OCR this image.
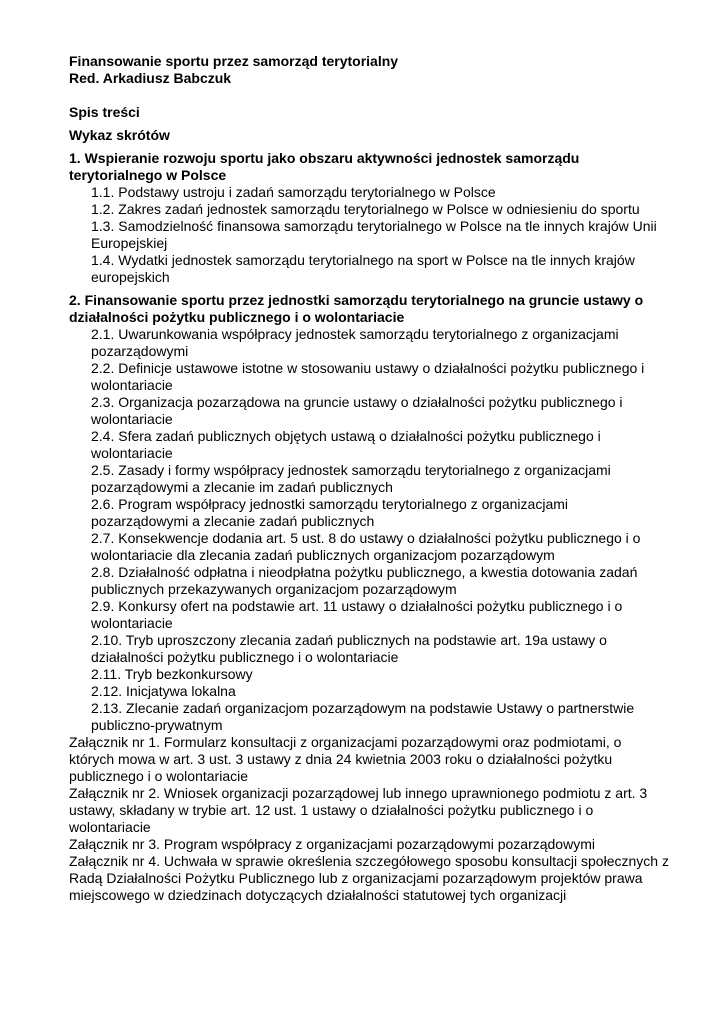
Finansowanie sportu przez samorząd terytorialny
Red. Arkadiusz Babczuk
Spis treści
Wykaz skrótów
1. Wspieranie rozwoju sportu jako obszaru aktywności jednostek samorządu terytorialnego w Polsce
1.1. Podstawy ustroju i zadań samorządu terytorialnego w Polsce
1.2. Zakres zadań jednostek samorządu terytorialnego w Polsce w odniesieniu do sportu
1.3. Samodzielność finansowa samorządu terytorialnego w Polsce na tle innych krajów Unii Europejskiej
1.4. Wydatki jednostek samorządu terytorialnego na sport w Polsce na tle innych krajów europejskich
2. Finansowanie sportu przez jednostki samorządu terytorialnego na gruncie ustawy o działalności pożytku publicznego i o wolontariacie
2.1. Uwarunkowania współpracy jednostek samorządu terytorialnego z organizacjami pozarządowymi
2.2. Definicje ustawowe istotne w stosowaniu ustawy o działalności pożytku publicznego i wolontariacie
2.3. Organizacja pozarządowa na gruncie ustawy o działalności pożytku publicznego i wolontariacie
2.4. Sfera zadań publicznych objętych ustawą o działalności pożytku publicznego i wolontariacie
2.5. Zasady i formy współpracy jednostek samorządu terytorialnego z organizacjami pozarządowymi a zlecanie im zadań publicznych
2.6. Program współpracy jednostki samorządu terytorialnego z organizacjami pozarządowymi a zlecanie zadań publicznych
2.7. Konsekwencje dodania art. 5 ust. 8 do ustawy o działalności pożytku publicznego i o wolontariacie dla zlecania zadań publicznych organizacjom pozarządowym
2.8. Działalność odpłatna i nieodpłatna pożytku publicznego, a kwestia dotowania zadań publicznych przekazywanych organizacjom pozarządowym
2.9. Konkursy ofert na podstawie art. 11 ustawy o działalności pożytku publicznego i o wolontariacie
2.10. Tryb uproszczony zlecania zadań publicznych na podstawie art. 19a ustawy o działalności pożytku publicznego i o wolontariacie
2.11. Tryb bezkonkursowy
2.12. Inicjatywa lokalna
2.13. Zlecanie zadań organizacjom pozarządowym na podstawie Ustawy o partnerstwie publiczno-prywatnym
Załącznik nr 1. Formularz konsultacji z organizacjami pozarządowymi oraz podmiotami, o których mowa w art. 3 ust. 3 ustawy z dnia 24 kwietnia 2003 roku o działalności pożytku publicznego i o wolontariacie
Załącznik nr 2. Wniosek organizacji pozarządowej lub innego uprawnionego podmiotu z art. 3 ustawy, składany w trybie art. 12 ust. 1 ustawy o działalności pożytku publicznego i o wolontariacie
Załącznik nr 3. Program współpracy z organizacjami pozarządowymi pozarządowymi
Załącznik nr 4. Uchwała w sprawie określenia szczegółowego sposobu konsultacji społecznych z Radą Działalności Pożytku Publicznego lub z organizacjami pozarządowym projektów prawa miejscowego w dziedzinach dotyczących działalności statutowej tych organizacji
